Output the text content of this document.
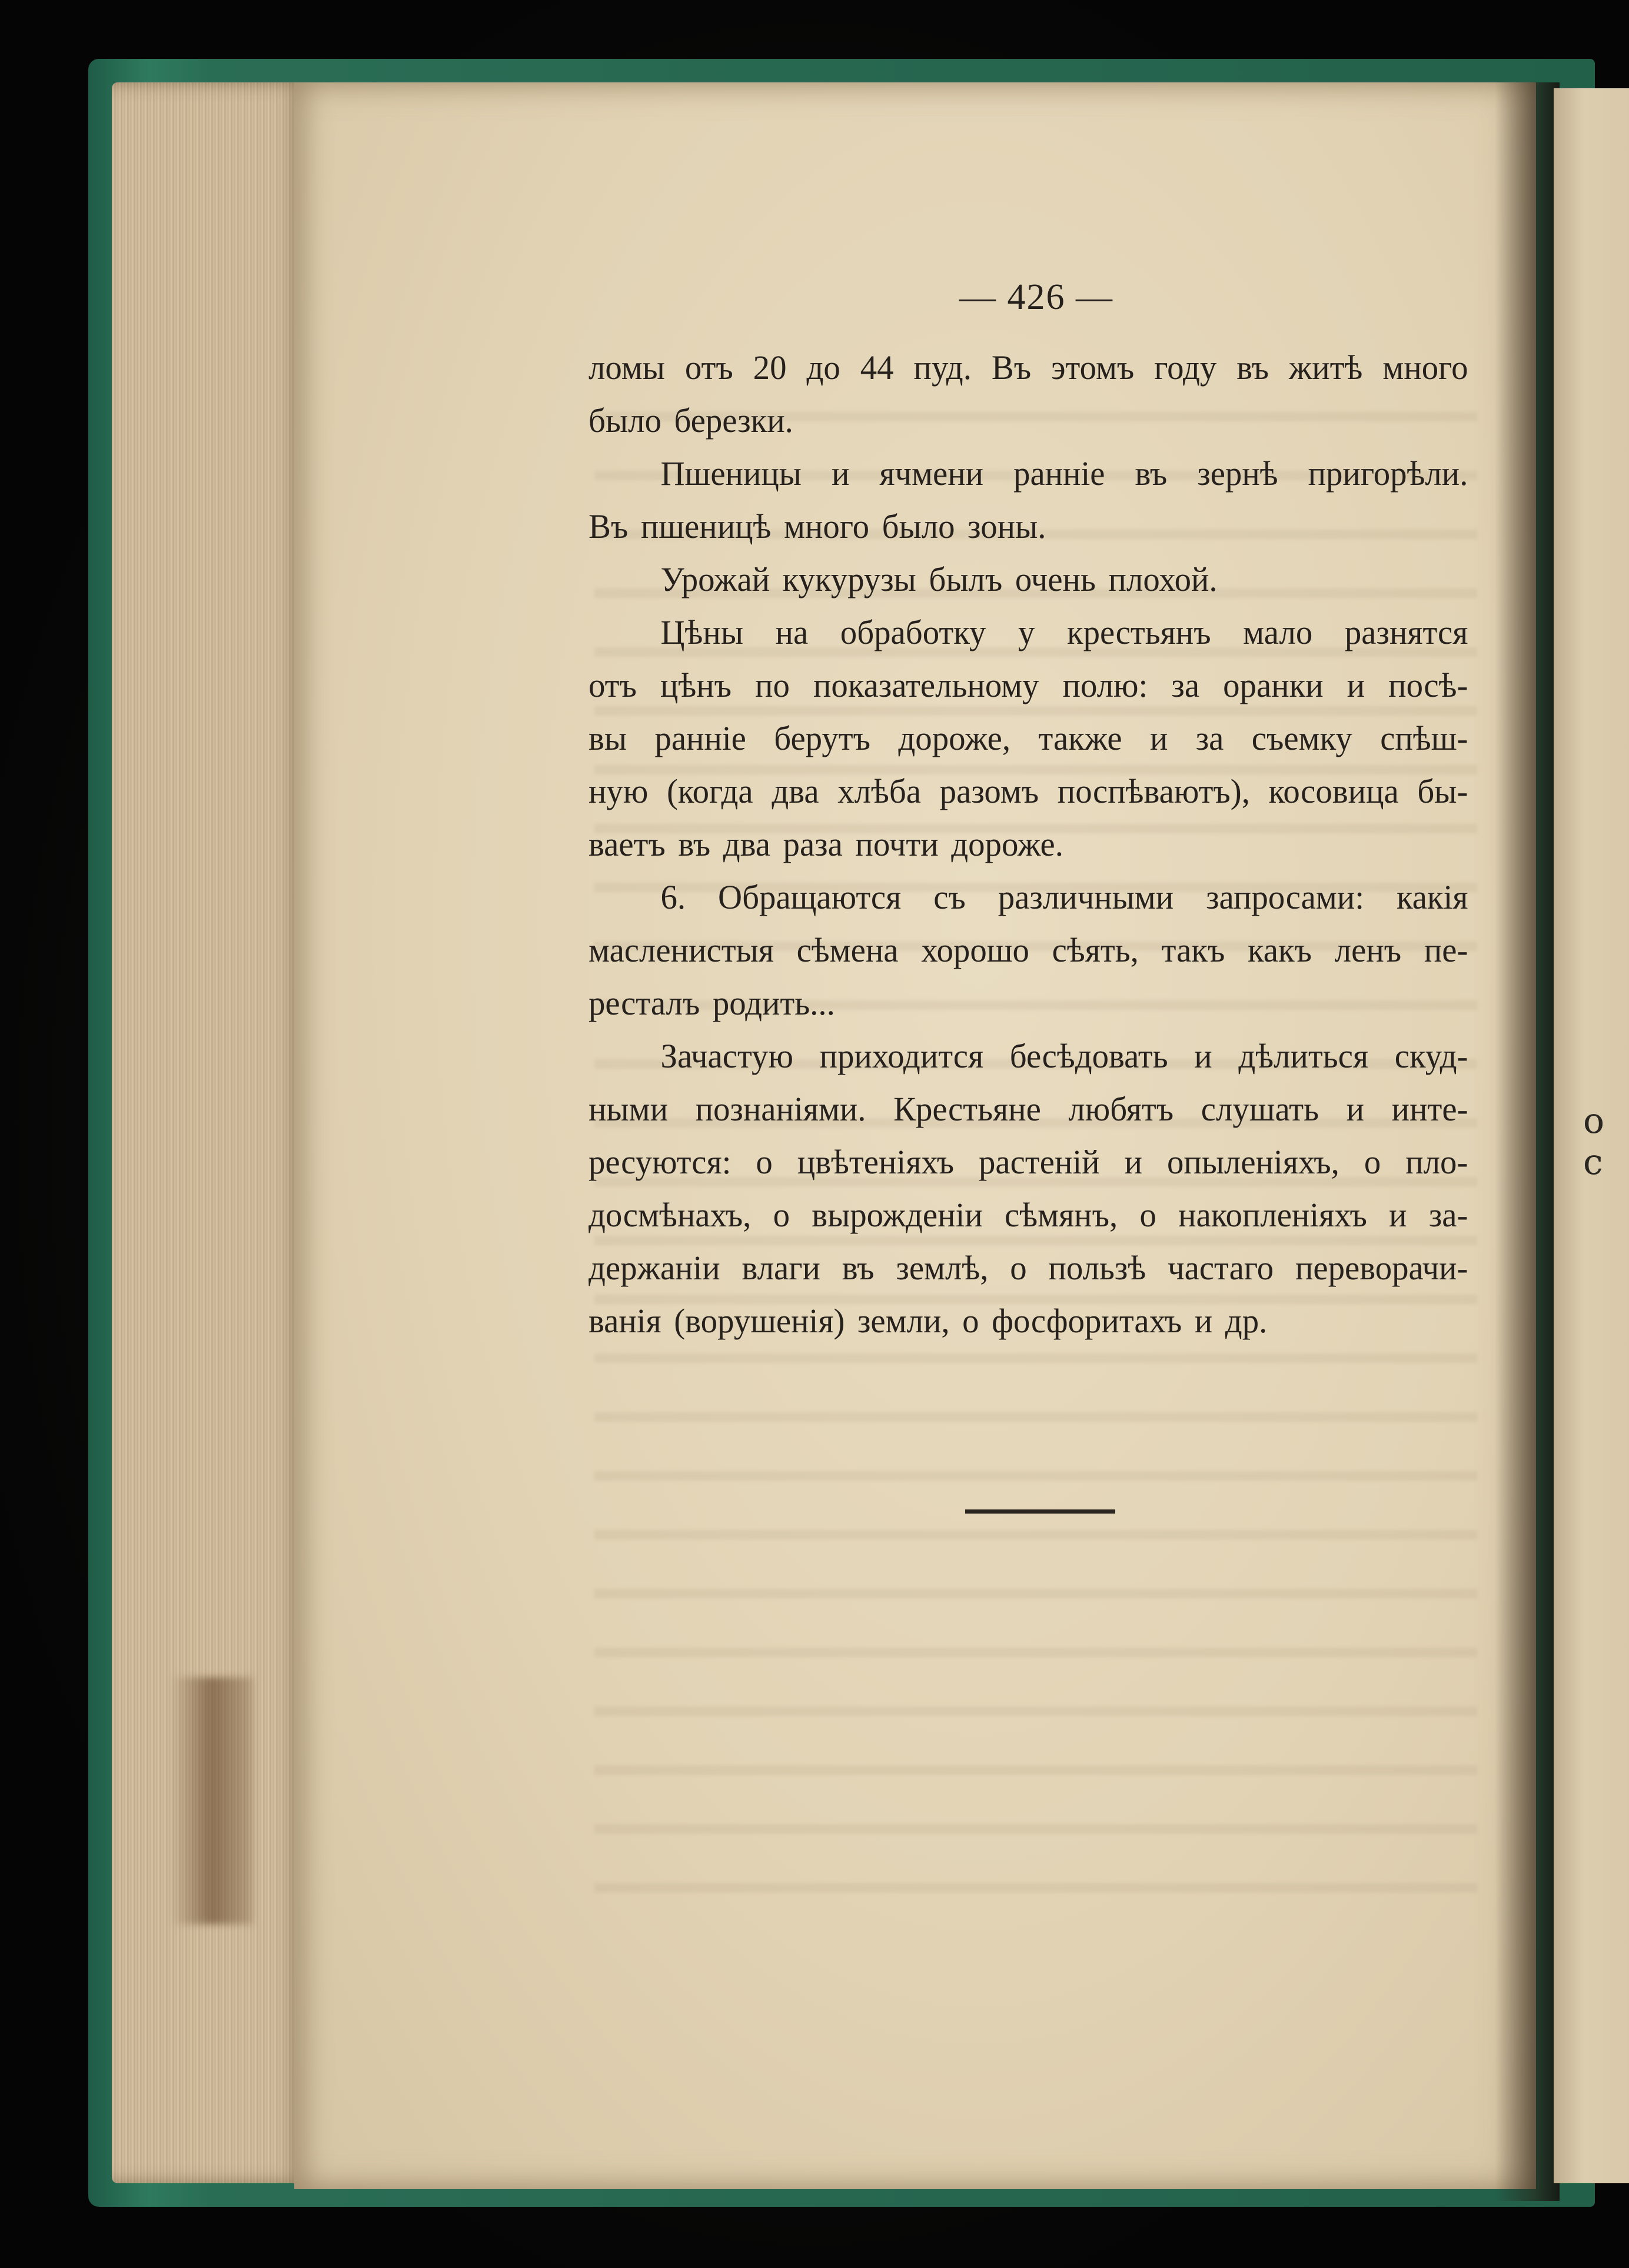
— 426 —
ломы отъ 20 до 44 пуд. Въ этомъ году въ житѣ много
было березки.
Пшеницы и ячмени ранніе въ зернѣ пригорѣли.
Въ пшеницѣ много было зоны.
Урожай кукурузы былъ очень плохой.
Цѣны на обработку у крестьянъ мало разнятся
отъ цѣнъ по показательному полю: за оранки и посѣ-
вы ранніе берутъ дороже, также и за съемку спѣш-
ную (когда два хлѣба разомъ поспѣваютъ), косовица бы-
ваетъ въ два раза почти дороже.
6. Обращаются съ различными запросами: какія
масленистыя сѣмена хорошо сѣять, такъ какъ ленъ пе-
ресталъ родить...
Зачастую приходится бесѣдовать и дѣлиться скуд-
ными познаніями. Крестьяне любятъ слушать и инте-
ресуются: о цвѣтеніяхъ растеній и опыленіяхъ, о пло-
досмѣнахъ, о вырожденіи сѣмянъ, о накопленіяхъ и за-
держаніи влаги въ землѣ, о пользѣ частаго переворачи-
ванія (ворушенія) земли, о фосфоритахъ и др.
о с
